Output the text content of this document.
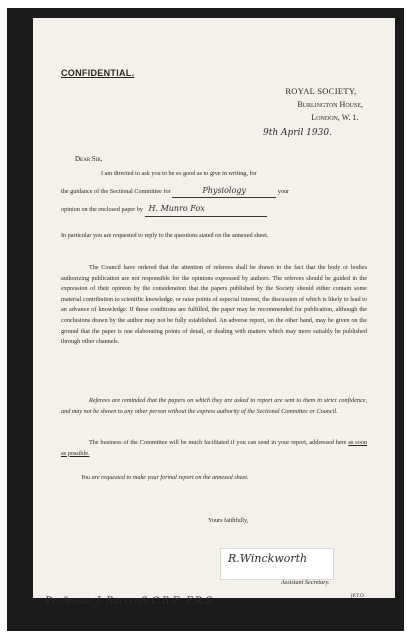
CONFIDENTIAL.

ROYAL SOCIETY,
Burlington House,
London, W. 1.

9th April 1930.

Dear Sir,

I am directed to ask you to be so good as to give in writing, for
the guidance of the Sectional Committee for	Physiology	your
opinion on the enclosed paper by H. Munro Fox

In particular you are requested to reply to the questions stated on the annexed sheet.

The Council have ordered that the attention of referees shall be drawn to the fact that the body or bodies authorizing publication are not responsible for the opinions expressed by authors. The referees should be guided in the expression of their opinion by the consideration that the papers published by the Society should either contain some material contribution to scientific knowledge, or raise points of especial interest, the discussion of which is likely to lead to an advance of knowledge. If these conditions are fulfilled, the paper may be recommended for publication, although the conclusions drawn by the author may not be fully established. An adverse report, on the other hand, may be given on the ground that the paper is one elaborating points of detail, or dealing with matters which may more suitably be published through other channels.

Referees are reminded that the papers on which they are asked to report are sent to them in strict confidence, and may not be shown to any other person without the express authority of the Sectional Committee or Council.

The business of the Committee will be much facilitated if you can send in your report, addressed here as soon as possible.

You are requested to make your formal report on the annexed sheet.

Yours faithfully,

R.Winckworth

Assistant Secretary.

[P.T.O.

Professor J. Barcroft C.B.E. F.R.S.
